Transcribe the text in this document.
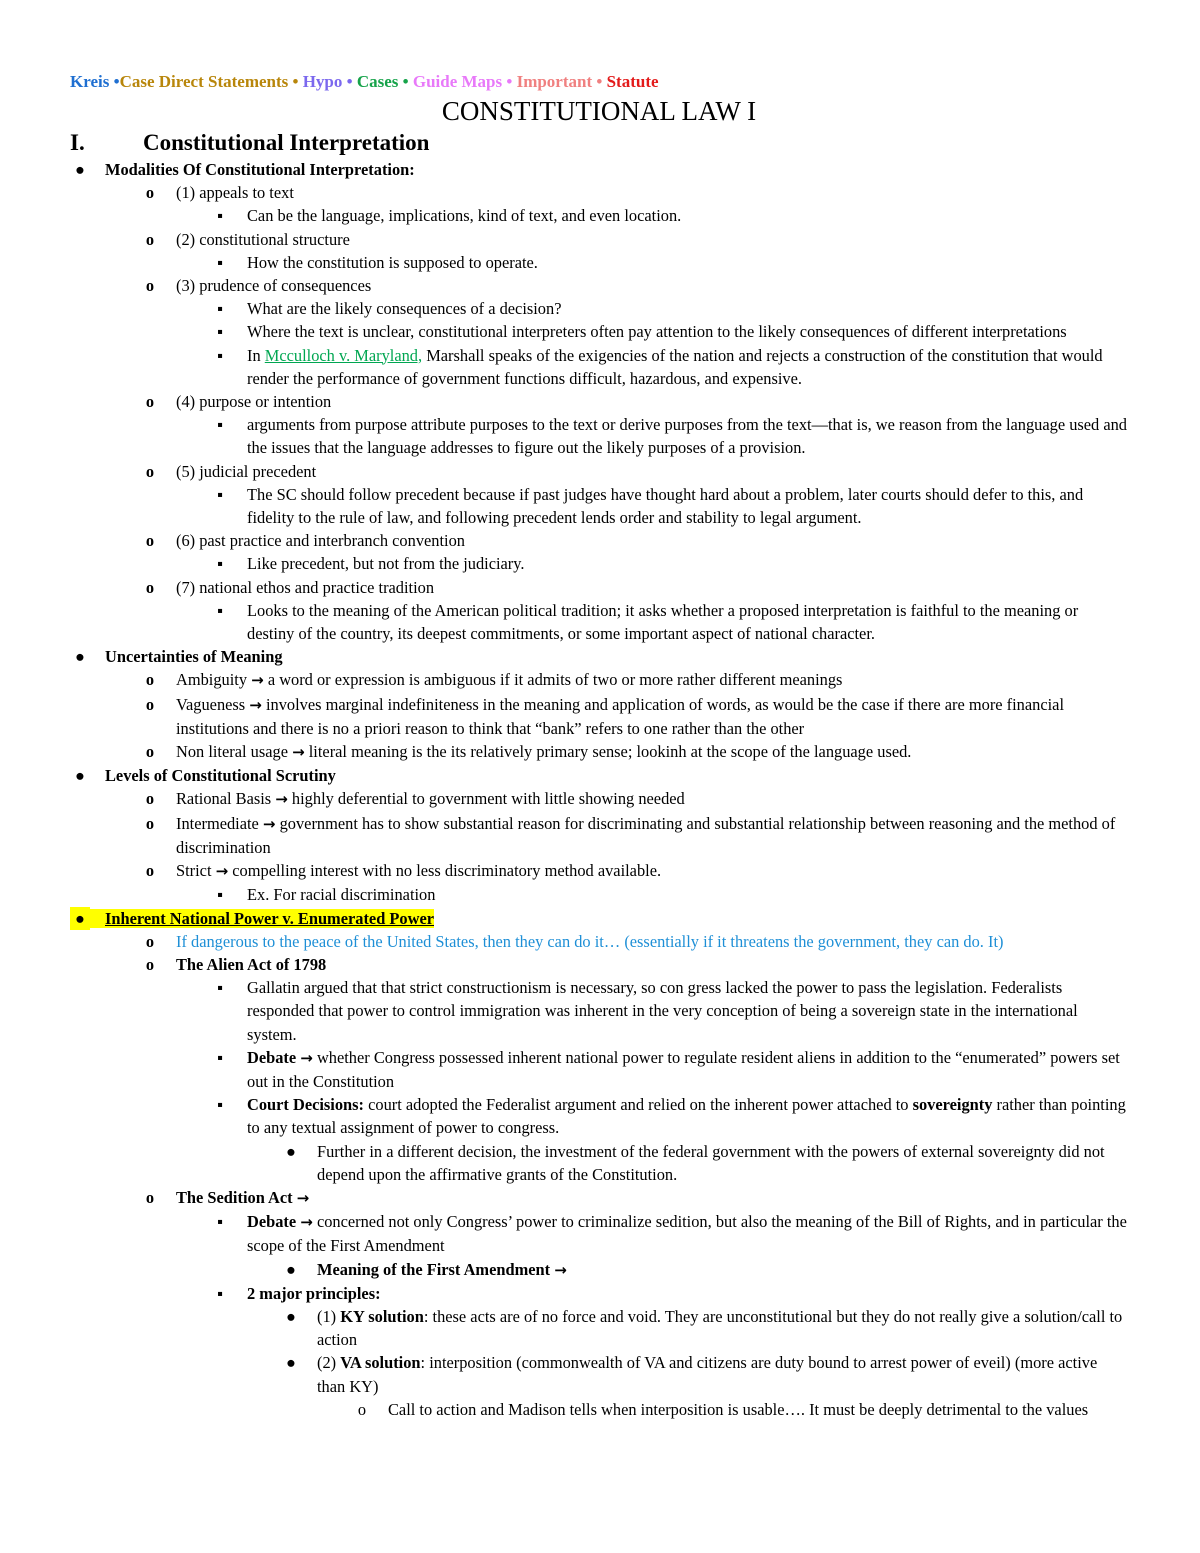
Kreis •Case Direct Statements • Hypo • Cases • Guide Maps • Important • Statute
CONSTITUTIONAL LAW I
I.	Constitutional Interpretation
●	Modalities Of Constitutional Interpretation:
o	(1) appeals to text
▪	Can be the language, implications, kind of text, and even location.
o	(2) constitutional structure
▪	How the constitution is supposed to operate.
o	(3) prudence of consequences
▪	What are the likely consequences of a decision?
▪	Where the text is unclear, constitutional interpreters often pay attention to the likely consequences of different interpretations
▪	In Mcculloch v. Maryland, Marshall speaks of the exigencies of the nation and rejects a construction of the constitution that would render the performance of government functions difficult, hazardous, and expensive.
o	(4) purpose or intention
▪	arguments from purpose attribute purposes to the text or derive purposes from the text—that is, we reason from the language used and the issues that the language addresses to figure out the likely purposes of a provision.
o	(5) judicial precedent
▪	The SC should follow precedent because if past judges have thought hard about a problem, later courts should defer to this, and fidelity to the rule of law, and following precedent lends order and stability to legal argument.
o	(6) past practice and interbranch convention
▪	Like precedent, but not from the judiciary.
o	(7) national ethos and practice tradition
▪	Looks to the meaning of the American political tradition; it asks whether a proposed interpretation is faithful to the meaning or destiny of the country, its deepest commitments, or some important aspect of national character.
●	Uncertainties of Meaning
o	Ambiguity → a word or expression is ambiguous if it admits of two or more rather different meanings
o	Vagueness → involves marginal indefiniteness in the meaning and application of words, as would be the case if there are more financial institutions and there is no a priori reason to think that “bank” refers to one rather than the other
o	Non literal usage → literal meaning is the its relatively primary sense; lookinh at the scope of the language used.
●	Levels of Constitutional Scrutiny
o	Rational Basis → highly deferential to government with little showing needed
o	Intermediate → government has to show substantial reason for discriminating and substantial relationship between reasoning and the method of discrimination
o	Strict → compelling interest with no less discriminatory method available.
▪	Ex. For racial discrimination
●	Inherent National Power v. Enumerated Power
o	If dangerous to the peace of the United States, then they can do it… (essentially if it threatens the government, they can do. It)
o	The Alien Act of 1798
▪	Gallatin argued that that strict constructionism is necessary, so con gress lacked the power to pass the legislation. Federalists responded that power to control immigration was inherent in the very conception of being a sovereign state in the international system.
▪	Debate → whether Congress possessed inherent national power to regulate resident aliens in addition to the “enumerated” powers set out in the Constitution
▪	Court Decisions: court adopted the Federalist argument and relied on the inherent power attached to sovereignty rather than pointing to any textual assignment of power to congress.
●	Further in a different decision, the investment of the federal government with the powers of external sovereignty did not depend upon the affirmative grants of the Constitution.
o	The Sedition Act →
▪	Debate → concerned not only Congress’ power to criminalize sedition, but also the meaning of the Bill of Rights, and in particular the scope of the First Amendment
●	Meaning of the First Amendment →
▪	2 major principles:
●	(1) KY solution: these acts are of no force and void. They are unconstitutional but they do not really give a solution/call to action
●	(2) VA solution: interposition (commonwealth of VA and citizens are duty bound to arrest power of eveil) (more active than KY)
o	Call to action and Madison tells when interposition is usable…. It must be deeply detrimental to the values
